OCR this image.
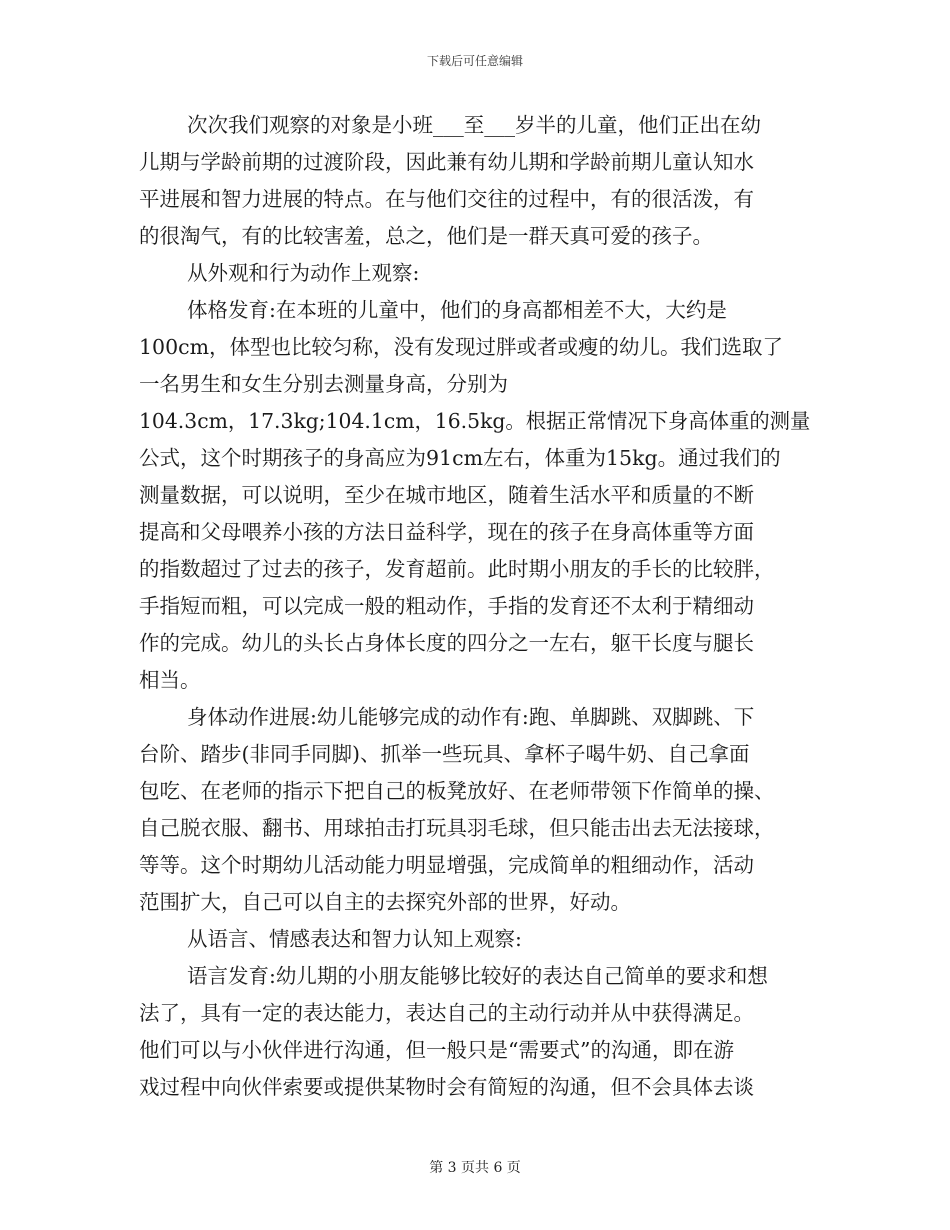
下载后可任意编辑
次次我们观察的对象是小班___至___岁半的儿童，他们正出在幼
儿期与学龄前期的过渡阶段，因此兼有幼儿期和学龄前期儿童认知水
平进展和智力进展的特点。在与他们交往的过程中，有的很活泼，有
的很淘气，有的比较害羞，总之，他们是一群天真可爱的孩子。
从外观和行为动作上观察:
体格发育:在本班的儿童中，他们的身高都相差不大，大约是
100cm，体型也比较匀称，没有发现过胖或者或瘦的幼儿。我们选取了
一名男生和女生分别去测量身高，分别为
104.3cm，17.3kg;104.1cm，16.5kg。根据正常情况下身高体重的测量
公式，这个时期孩子的身高应为91cm左右，体重为15kg。通过我们的
测量数据，可以说明，至少在城市地区，随着生活水平和质量的不断
提高和父母喂养小孩的方法日益科学，现在的孩子在身高体重等方面
的指数超过了过去的孩子，发育超前。此时期小朋友的手长的比较胖，
手指短而粗，可以完成一般的粗动作，手指的发育还不太利于精细动
作的完成。幼儿的头长占身体长度的四分之一左右，躯干长度与腿长
相当。
身体动作进展:幼儿能够完成的动作有:跑、单脚跳、双脚跳、下
台阶、踏步(非同手同脚)、抓举一些玩具、拿杯子喝牛奶、自己拿面
包吃、在老师的指示下把自己的板凳放好、在老师带领下作简单的操、
自己脱衣服、翻书、用球拍击打玩具羽毛球，但只能击出去无法接球，
等等。这个时期幼儿活动能力明显增强，完成简单的粗细动作，活动
范围扩大，自己可以自主的去探究外部的世界，好动。
从语言、情感表达和智力认知上观察:
语言发育:幼儿期的小朋友能够比较好的表达自己简单的要求和想
法了，具有一定的表达能力，表达自己的主动行动并从中获得满足。
他们可以与小伙伴进行沟通，但一般只是“需要式”的沟通，即在游
戏过程中向伙伴索要或提供某物时会有简短的沟通，但不会具体去谈
第 3 页共 6 页
